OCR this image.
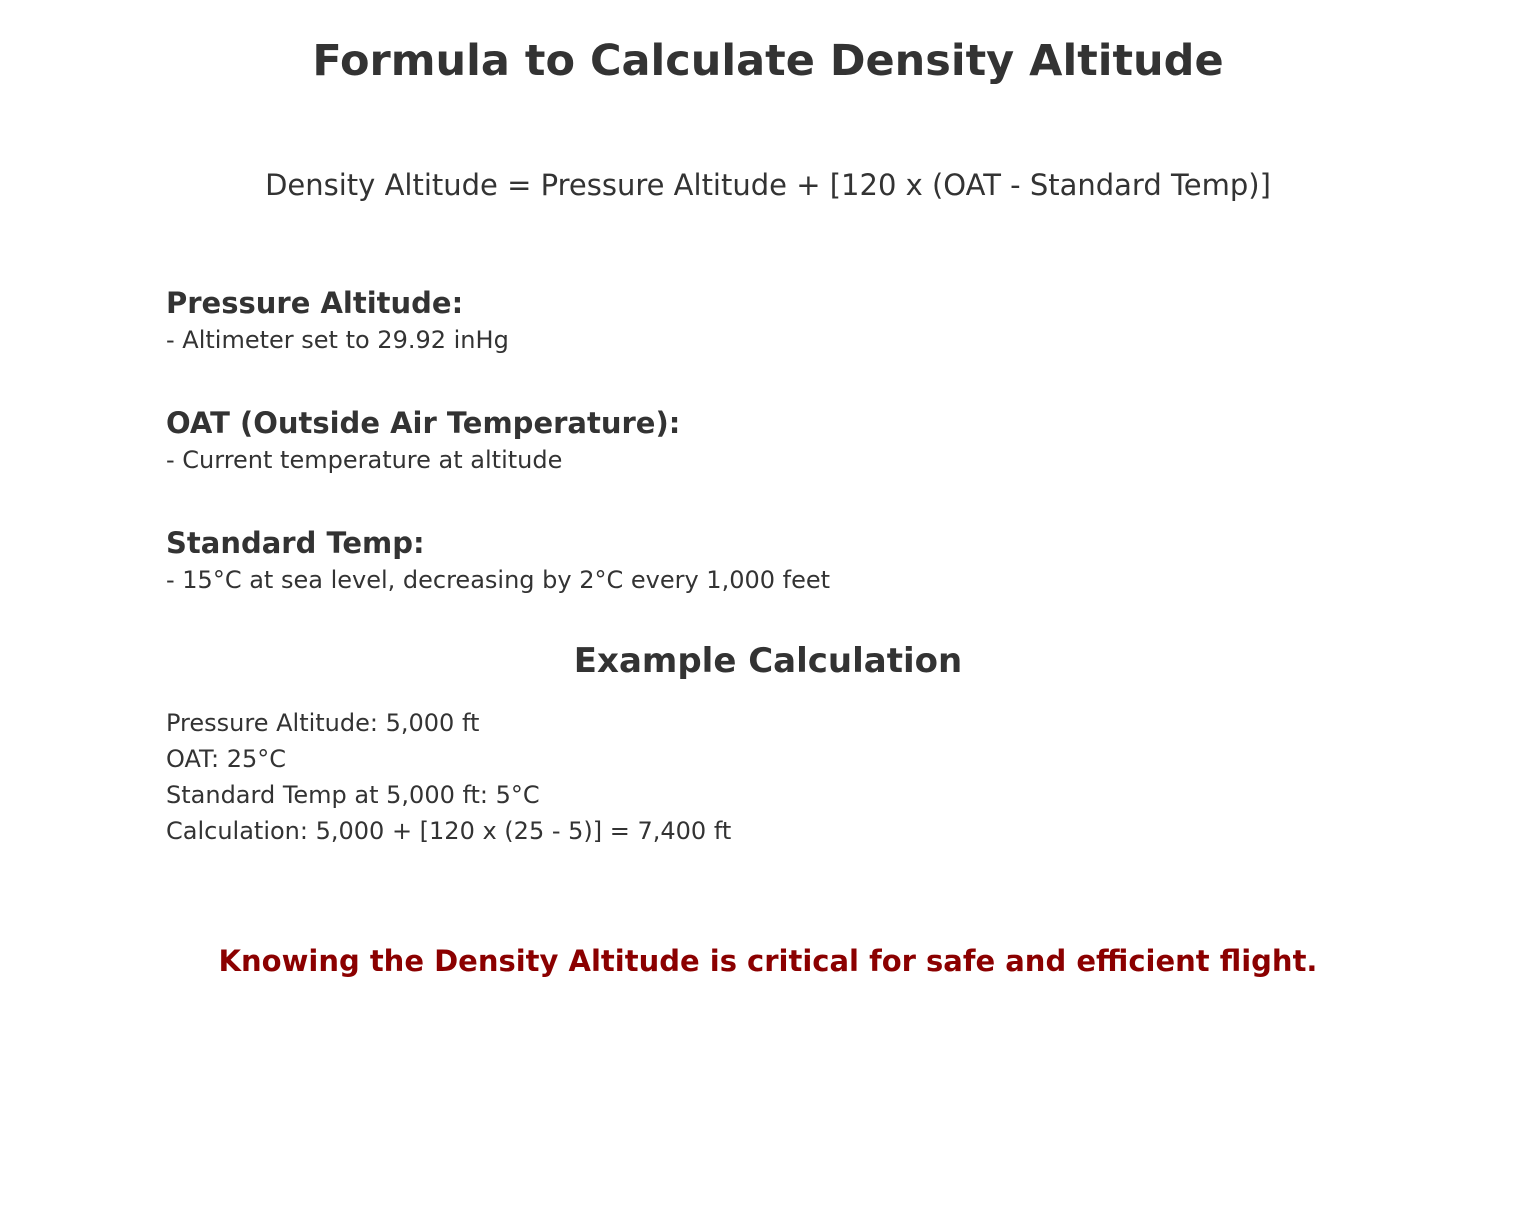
Formula to Calculate Density Altitude

Density Altitude = Pressure Altitude + [120 x (OAT - Standard Temp)]

Pressure Altitude:

- Altimeter set to 29.92 inHg

OAT (Outside Air Temperature):

- Current temperature at altitude

Standard Temp:

- 15°C at sea level, decreasing by 2°C every 1,000 feet

Example Calculation
Pressure Altitude: 5,000 ft
OAT: 25°C
Standard Temp at 5,000 ft: 5°C
Calculation: 5,000 + [120 x (25 - 5)] = 7,400 ft

Knowing the Density Altitude is critical for safe and efficient flight.
